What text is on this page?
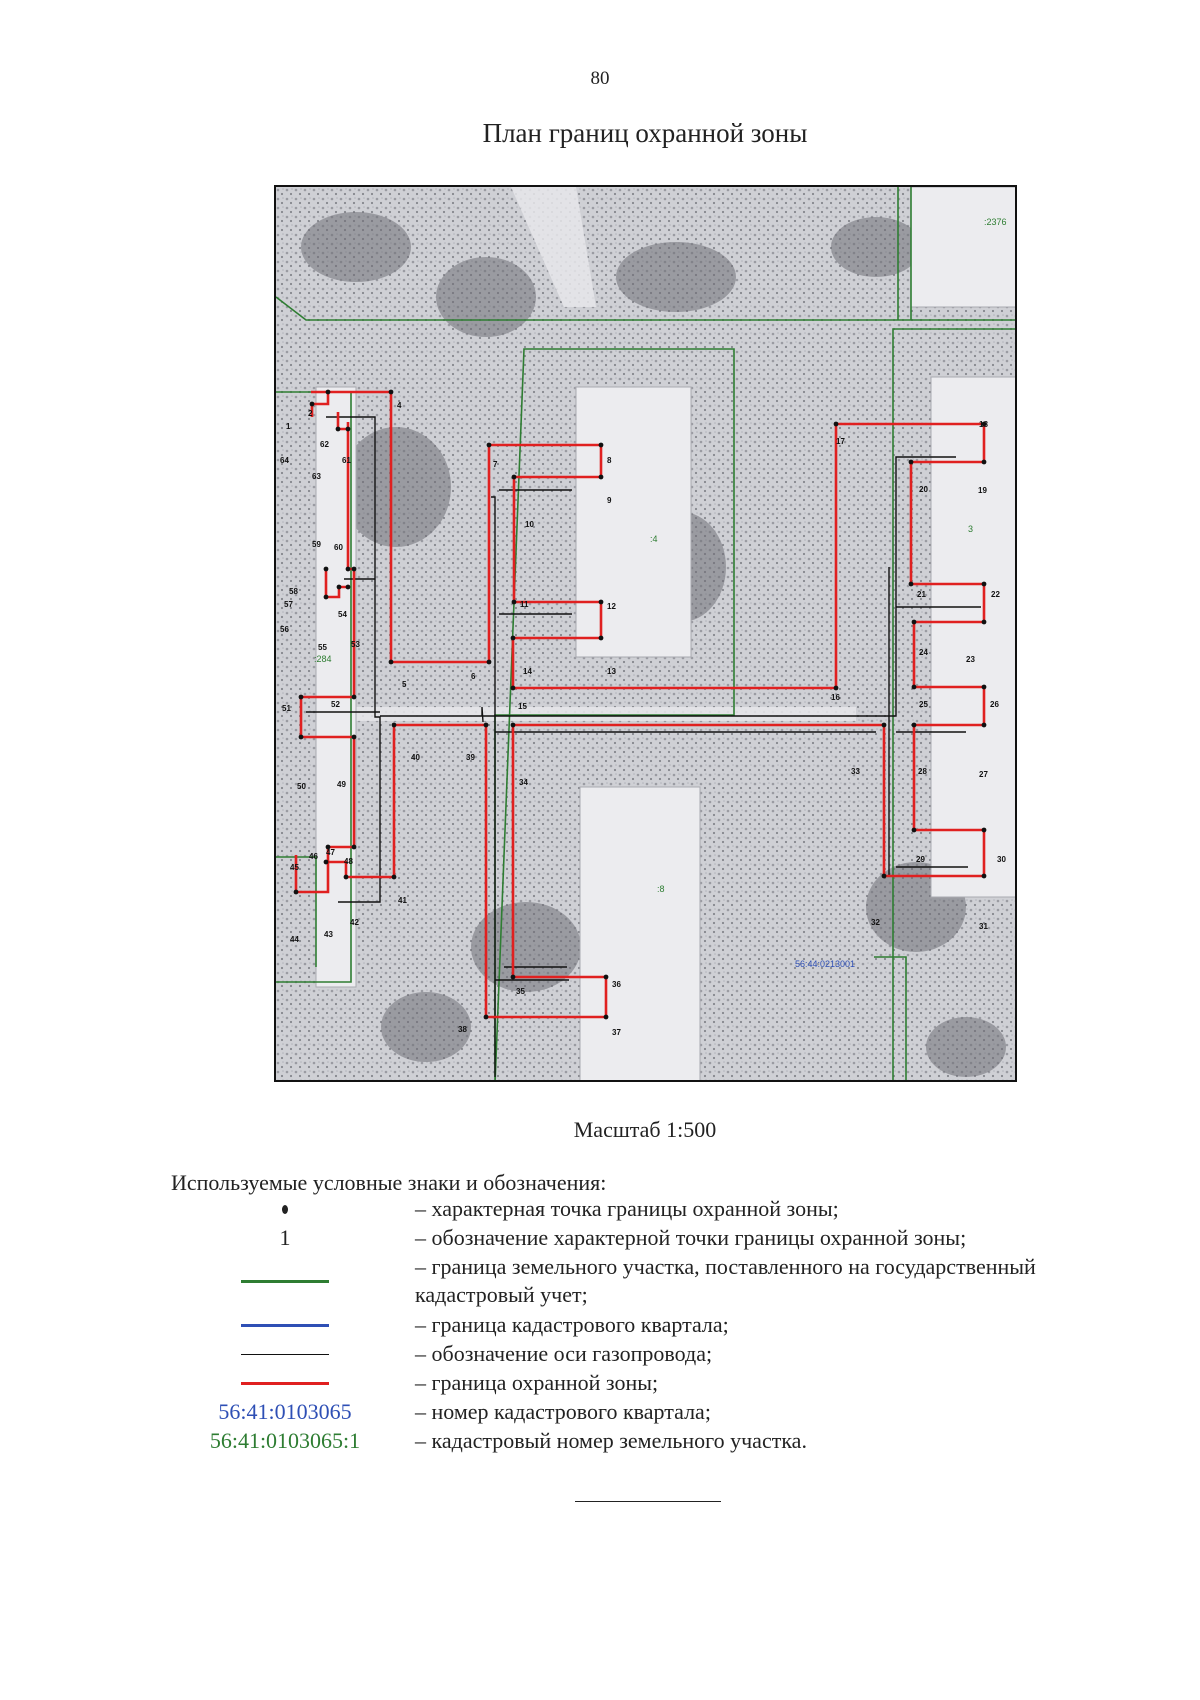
80
План границ охранной зоны
:2376
:4
3
:284
:8
56:44:0213001
1
2
4
62
61
63
64	7	8
9
10
11	12
13
14
15
16
17
18
19
20
21	22
23
24
25	26
27
28
29	30
31
32
33
34
35
36
37
38
39
40
41
42
43
44
45
46 47
48
49
50
51	52
53
54
55
56
57
58
59 60
5
6
Масштаб 1:500
Используемые условные знаки и обозначения:
– характерная точка границы охранной зоны;
1	– обозначение характерной точки границы охранной зоны;
– граница земельного участка, поставленного на государственный кадастровый учет;
– граница кадастрового квартала;
– обозначение оси газопровода;
– граница охранной зоны;
56:41:0103065	– номер кадастрового квартала;
56:41:0103065:1 – кадастровый номер земельного участка.
